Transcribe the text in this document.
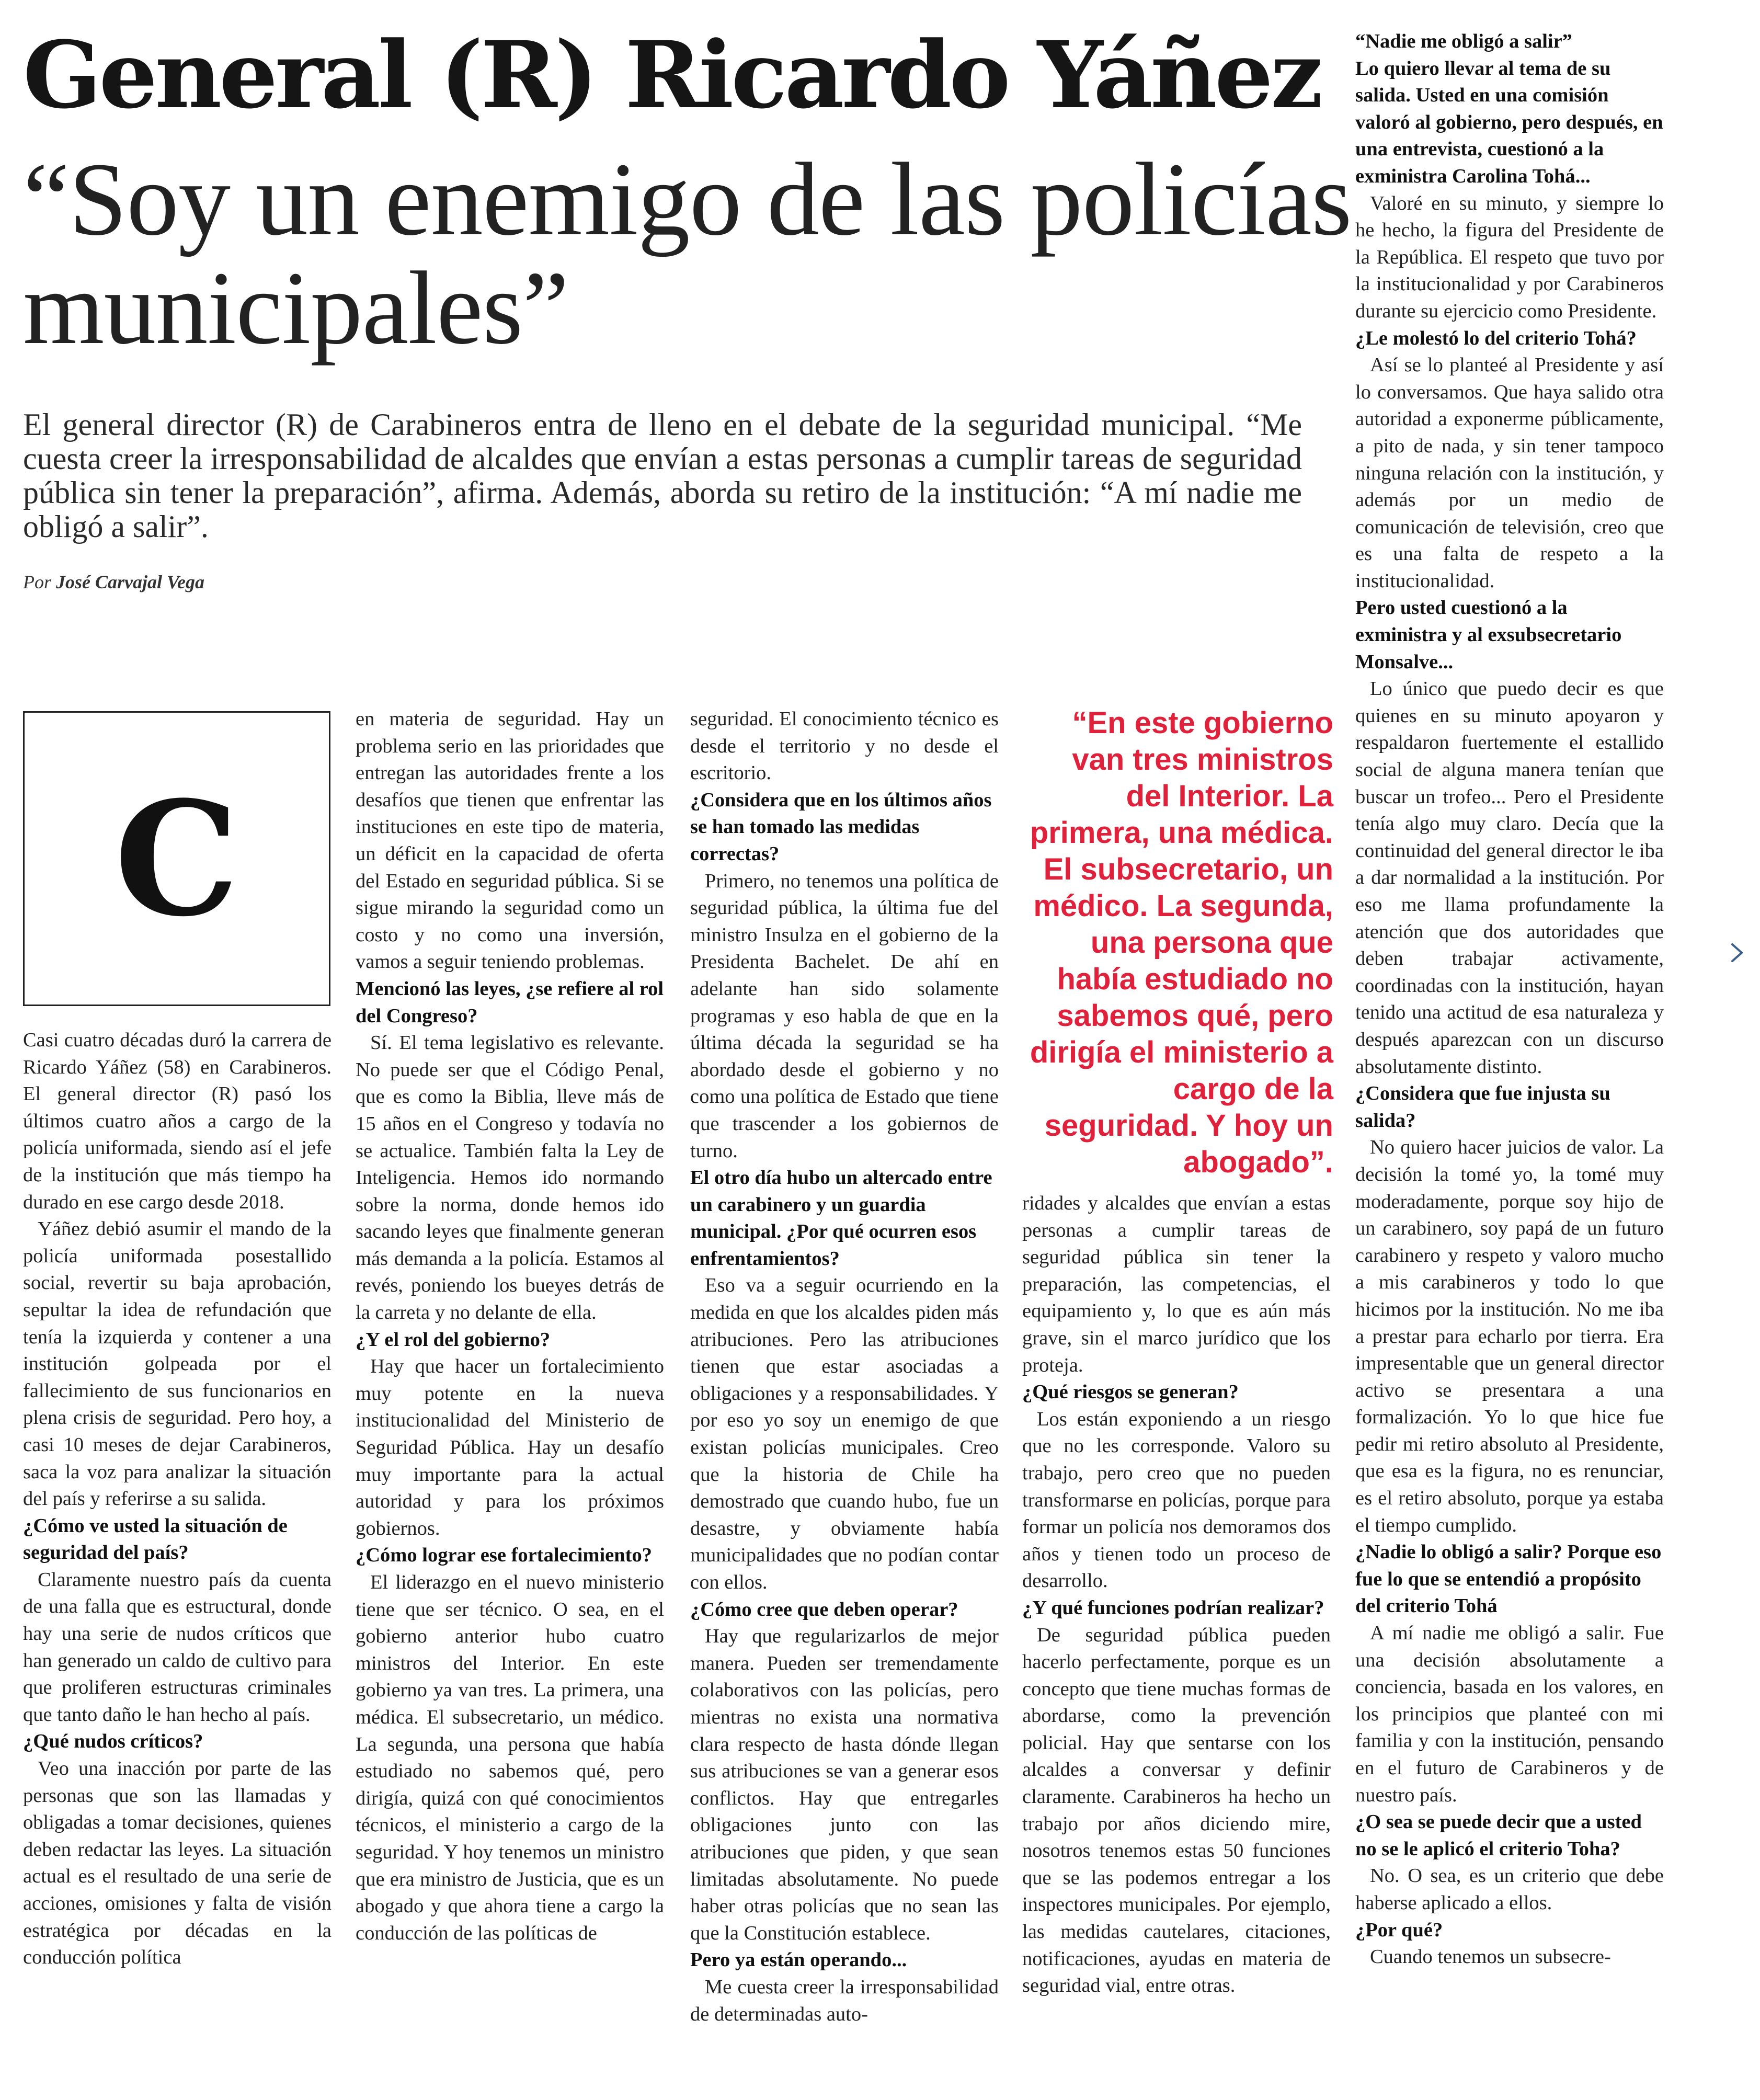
General (R) Ricardo Yáñez
“Soy un enemigo de las policías municipales”

El general director (R) de Carabineros entra de lleno en el debate de la seguridad municipal. “Me cuesta creer la irresponsabilidad de alcaldes que envían a estas personas a cumplir tareas de seguridad pública sin tener la preparación”, afirma. Además, aborda su retiro de la institución: “A mí nadie me obligó a salir”.

Por José Carvajal Vega

C

Casi cuatro décadas duró la carrera de Ricardo Yáñez (58) en Carabineros. El general director (R) pasó los últimos cuatro años a cargo de la policía uniformada, siendo así el jefe de la institución que más tiempo ha durado en ese cargo desde 2018.

Yáñez debió asumir el mando de la policía uniformada posestallido social, revertir su baja aprobación, sepultar la idea de refundación que tenía la izquierda y contener a una institución golpeada por el fallecimiento de sus funcionarios en plena crisis de seguridad. Pero hoy, a casi 10 meses de dejar Carabineros, saca la voz para analizar la situación del país y referirse a su salida.

¿Cómo ve usted la situación de seguridad del país?

Claramente nuestro país da cuenta de una falla que es estructural, donde hay una serie de nudos críticos que han generado un caldo de cultivo para que proliferen estructuras criminales que tanto daño le han hecho al país.

¿Qué nudos críticos?

Veo una inacción por parte de las personas que son las llamadas y obligadas a tomar decisiones, quienes deben redactar las leyes. La situación actual es el resultado de una serie de acciones, omisiones y falta de visión estratégica por décadas en la conducción política

en materia de seguridad. Hay un problema serio en las prioridades que entregan las autoridades frente a los desafíos que tienen que enfrentar las instituciones en este tipo de materia, un déficit en la capacidad de oferta del Estado en seguridad pública. Si se sigue mirando la seguridad como un costo y no como una inversión, vamos a seguir teniendo problemas.

Mencionó las leyes, ¿se refiere al rol del Congreso?

Sí. El tema legislativo es relevante. No puede ser que el Código Penal, que es como la Biblia, lleve más de 15 años en el Congreso y todavía no se actualice. También falta la Ley de Inteligencia. Hemos ido normando sobre la norma, donde hemos ido sacando leyes que finalmente generan más demanda a la policía. Estamos al revés, poniendo los bueyes detrás de la carreta y no delante de ella.

¿Y el rol del gobierno?

Hay que hacer un fortalecimiento muy potente en la nueva institucionalidad del Ministerio de Seguridad Pública. Hay un desafío muy importante para la actual autoridad y para los próximos gobiernos.

¿Cómo lograr ese fortalecimiento?

El liderazgo en el nuevo ministerio tiene que ser técnico. O sea, en el gobierno anterior hubo cuatro ministros del Interior. En este gobierno ya van tres. La primera, una médica. El subsecretario, un médico. La segunda, una persona que había estudiado no sabemos qué, pero dirigía, quizá con qué conocimientos técnicos, el ministerio a cargo de la seguridad. Y hoy tenemos un ministro que era ministro de Justicia, que es un abogado y que ahora tiene a cargo la conducción de las políticas de

seguridad. El conocimiento técnico es desde el territorio y no desde el escritorio.

¿Considera que en los últimos años se han tomado las medidas correctas?

Primero, no tenemos una política de seguridad pública, la última fue del ministro Insulza en el gobierno de la Presidenta Bachelet. De ahí en adelante han sido solamente programas y eso habla de que en la última década la seguridad se ha abordado desde el gobierno y no como una política de Estado que tiene que trascender a los gobiernos de turno.

El otro día hubo un altercado entre un carabinero y un guardia municipal. ¿Por qué ocurren esos enfrentamientos?

Eso va a seguir ocurriendo en la medida en que los alcaldes piden más atribuciones. Pero las atribuciones tienen que estar asociadas a obligaciones y a responsabilidades. Y por eso yo soy un enemigo de que existan policías municipales. Creo que la historia de Chile ha demostrado que cuando hubo, fue un desastre, y obviamente había municipalidades que no podían contar con ellos.

¿Cómo cree que deben operar?

Hay que regularizarlos de mejor manera. Pueden ser tremendamente colaborativos con las policías, pero mientras no exista una normativa clara respecto de hasta dónde llegan sus atribuciones se van a generar esos conflictos. Hay que entregarles obligaciones junto con las atribuciones que piden, y que sean limitadas absolutamente. No puede haber otras policías que no sean las que la Constitución establece.

Pero ya están operando...

Me cuesta creer la irresponsabilidad de determinadas auto-

“En este gobierno van tres ministros del Interior. La primera, una médica. El subsecretario, un médico. La segunda, una persona que había estudiado no sabemos qué, pero dirigía el ministerio a cargo de la seguridad. Y hoy un abogado”.

ridades y alcaldes que envían a estas personas a cumplir tareas de seguridad pública sin tener la preparación, las competencias, el equipamiento y, lo que es aún más grave, sin el marco jurídico que los proteja.

¿Qué riesgos se generan?

Los están exponiendo a un riesgo que no les corresponde. Valoro su trabajo, pero creo que no pueden transformarse en policías, porque para formar un policía nos demoramos dos años y tienen todo un proceso de desarrollo.

¿Y qué funciones podrían realizar?

De seguridad pública pueden hacerlo perfectamente, porque es un concepto que tiene muchas formas de abordarse, como la prevención policial. Hay que sentarse con los alcaldes a conversar y definir claramente. Carabineros ha hecho un trabajo por años diciendo mire, nosotros tenemos estas 50 funciones que se las podemos entregar a los inspectores municipales. Por ejemplo, las medidas cautelares, citaciones, notificaciones, ayudas en materia de seguridad vial, entre otras.

“Nadie me obligó a salir”
Lo quiero llevar al tema de su salida. Usted en una comisión valoró al gobierno, pero después, en una entrevista, cuestionó a la exministra Carolina Tohá...

Valoré en su minuto, y siempre lo he hecho, la figura del Presidente de la República. El respeto que tuvo por la institucionalidad y por Carabineros durante su ejercicio como Presidente.

¿Le molestó lo del criterio Tohá?

Así se lo planteé al Presidente y así lo conversamos. Que haya salido otra autoridad a exponerme públicamente, a pito de nada, y sin tener tampoco ninguna relación con la institución, y además por un medio de comunicación de televisión, creo que es una falta de respeto a la institucionalidad.

Pero usted cuestionó a la exministra y al exsubsecretario Monsalve...

Lo único que puedo decir es que quienes en su minuto apoyaron y respaldaron fuertemente el estallido social de alguna manera tenían que buscar un trofeo... Pero el Presidente tenía algo muy claro. Decía que la continuidad del general director le iba a dar normalidad a la institución. Por eso me llama profundamente la atención que dos autoridades que deben trabajar activamente, coordinadas con la institución, hayan tenido una actitud de esa naturaleza y después aparezcan con un discurso absolutamente distinto.

¿Considera que fue injusta su salida?

No quiero hacer juicios de valor. La decisión la tomé yo, la tomé muy moderadamente, porque soy hijo de un carabinero, soy papá de un futuro carabinero y respeto y valoro mucho a mis carabineros y todo lo que hicimos por la institución. No me iba a prestar para echarlo por tierra. Era impresentable que un general director activo se presentara a una formalización. Yo lo que hice fue pedir mi retiro absoluto al Presidente, que esa es la figura, no es renunciar, es el retiro absoluto, porque ya estaba el tiempo cumplido.

¿Nadie lo obligó a salir? Porque eso fue lo que se entendió a propósito del criterio Tohá

A mí nadie me obligó a salir. Fue una decisión absolutamente a conciencia, basada en los valores, en los principios que planteé con mi familia y con la institución, pensando en el futuro de Carabineros y de nuestro país.

¿O sea se puede decir que a usted no se le aplicó el criterio Toha?

No. O sea, es un criterio que debe haberse aplicado a ellos.

¿Por qué?

Cuando tenemos un subsecre-
